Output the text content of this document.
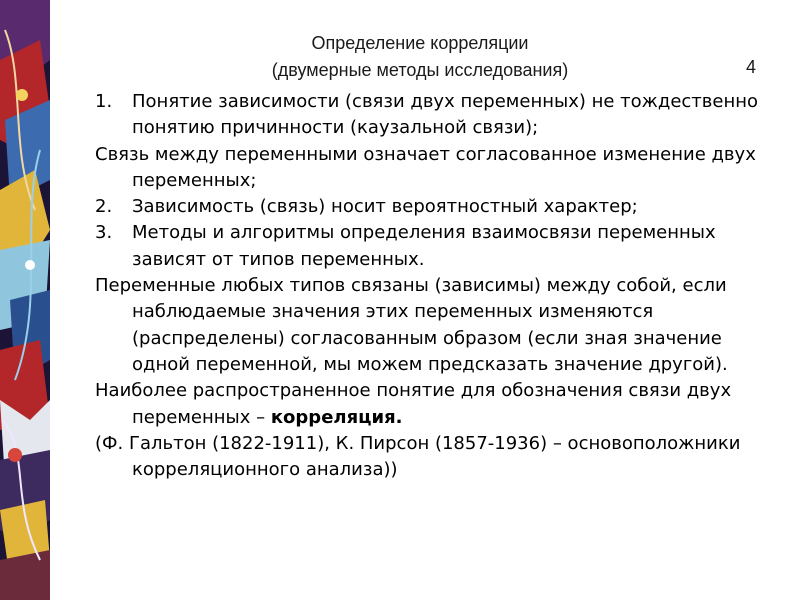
Определение корреляции
(двумерные методы исследования)	4
1. Понятие зависимости (связи двух переменных) не тождественно понятию причинности (каузальной связи);
Связь между переменными означает согласованное изменение двух переменных;
2. Зависимость (связь) носит вероятностный характер;
3. Методы и алгоритмы определения взаимосвязи переменных зависят от типов переменных.
Переменные любых типов связаны (зависимы) между собой, если наблюдаемые значения этих переменных изменяются (распределены) согласованным образом (если зная значение одной переменной, мы можем предсказать значение другой).
Наиболее распространенное понятие для обозначения связи двух переменных – корреляция.
(Ф. Гальтон (1822-1911), К. Пирсон (1857-1936) – основоположники корреляционного анализа))
